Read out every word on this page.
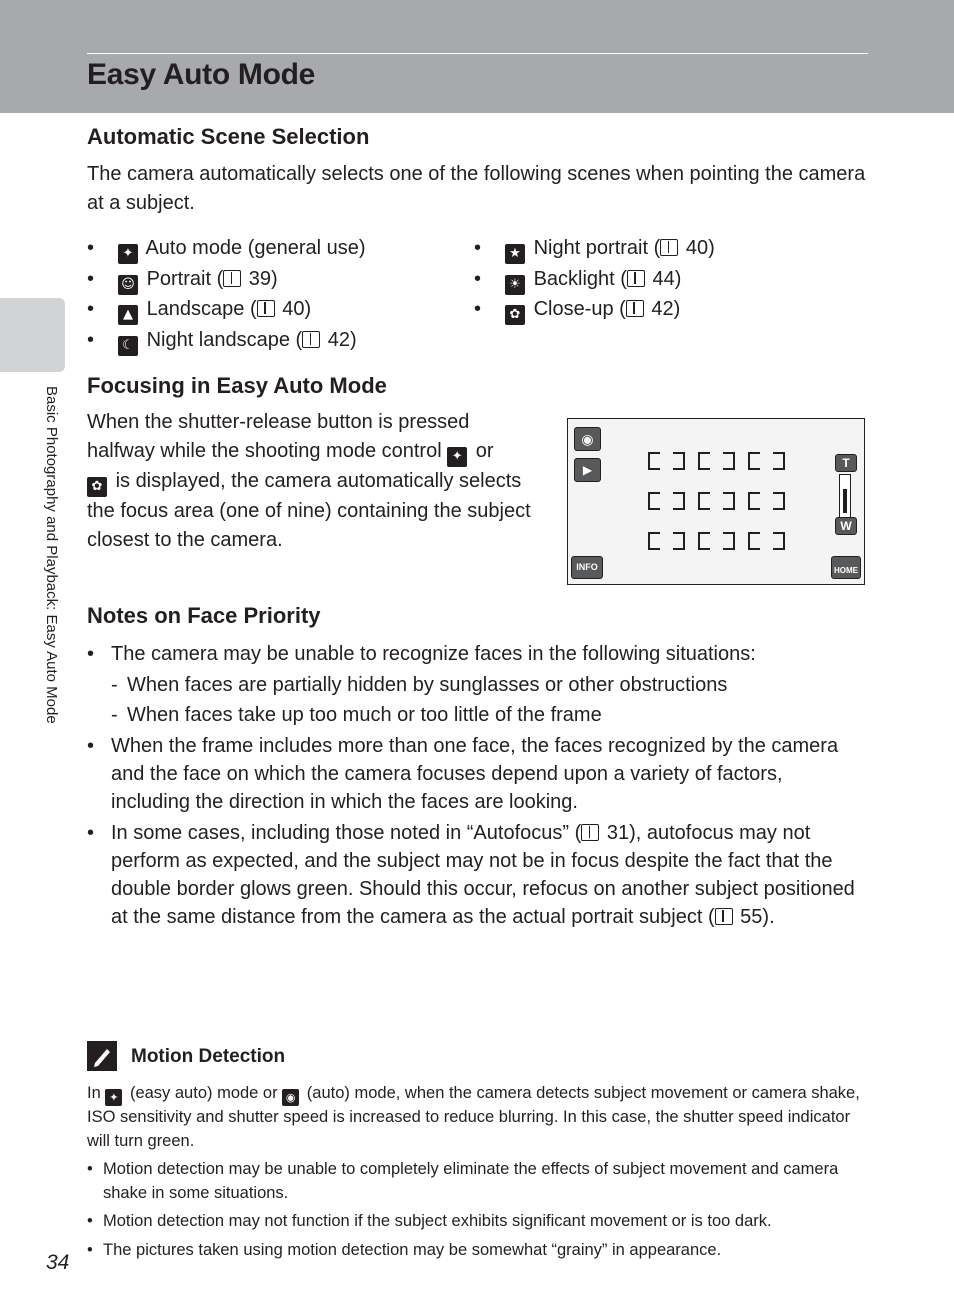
Easy Auto Mode
Basic Photography and Playback: Easy Auto Mode
Automatic Scene Selection

The camera automatically selects one of the following scenes when pointing the camera at a subject.

• ✦ Auto mode (general use)
• ☺ Portrait ( 39)
• ▲ Landscape ( 40)
• ☾ Night landscape ( 42)
• ★ Night portrait ( 40)
• ☀ Backlight ( 44)
• ✿ Close-up ( 42)
Focusing in Easy Auto Mode

When the shutter-release button is pressed halfway while the shooting mode control ✦ or
✿ is displayed, the camera automatically selects the focus area (one of nine) containing the subject closest to the camera.

◉
▶	T
W
INFO	HOME
Notes on Face Priority
• The camera may be unable to recognize faces in the following situations:
- When faces are partially hidden by sunglasses or other obstructions
- When faces take up too much or too little of the frame
• When the frame includes more than one face, the faces recognized by the camera and the face on which the camera focuses depend upon a variety of factors, including the direction in which the faces are looking.
• In some cases, including those noted in “Autofocus” ( 31), autofocus may not perform as expected, and the subject may not be in focus despite the fact that the double border glows green. Should this occur, refocus on another subject positioned at the same distance from the camera as the actual portrait subject ( 55).

Motion Detection

In ✦ (easy auto) mode or ◉ (auto) mode, when the camera detects subject movement or camera shake, ISO sensitivity and shutter speed is increased to reduce blurring. In this case, the shutter speed indicator will turn green.

• Motion detection may be unable to completely eliminate the effects of subject movement and camera shake in some situations.
• Motion detection may not function if the subject exhibits significant movement or is too dark.
• The pictures taken using motion detection may be somewhat “grainy” in appearance.

34
